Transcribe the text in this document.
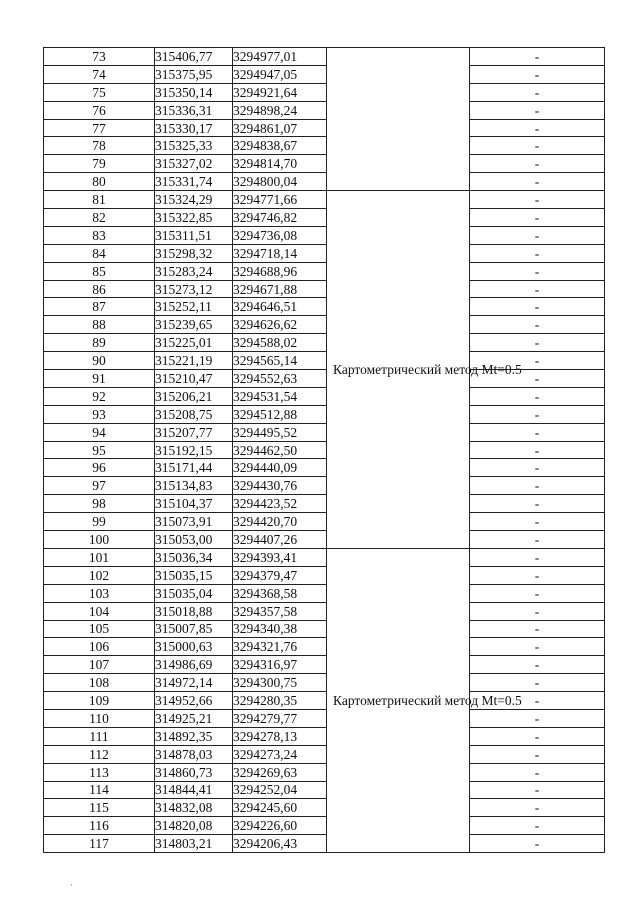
73	315406,77	3294977,01		-
74	315375,95	3294947,05		-
75	315350,14	3294921,64		-
76	315336,31	3294898,24		-
77	315330,17	3294861,07		-
78	315325,33	3294838,67		-
79	315327,02	3294814,70		-
80	315331,74	3294800,04		-
81	315324,29	3294771,66	Картометрический метод Mt=0.5	-
82	315322,85	3294746,82		-
83	315311,51	3294736,08		-
84	315298,32	3294718,14		-
85	315283,24	3294688,96		-
86	315273,12	3294671,88		-
87	315252,11	3294646,51		-
88	315239,65	3294626,62		-
89	315225,01	3294588,02		-
90	315221,19	3294565,14		-
91	315210,47	3294552,63		-
92	315206,21	3294531,54		-
93	315208,75	3294512,88		-
94	315207,77	3294495,52		-
95	315192,15	3294462,50		-
96	315171,44	3294440,09		-
97	315134,83	3294430,76		-
98	315104,37	3294423,52		-
99	315073,91	3294420,70		-
100	315053,00	3294407,26		-
101	315036,34	3294393,41	Картометрический метод Mt=0.5	-
102	315035,15	3294379,47		-
103	315035,04	3294368,58		-
104	315018,88	3294357,58		-
105	315007,85	3294340,38		-
106	315000,63	3294321,76		-
107	314986,69	3294316,97		-
108	314972,14	3294300,75		-
109	314952,66	3294280,35		-
110	314925,21	3294279,77		-
111	314892,35	3294278,13		-
112	314878,03	3294273,24		-
113	314860,73	3294269,63		-
114	314844,41	3294252,04		-
115	314832,08	3294245,60		-
116	314820,08	3294226,60		-
117	314803,21	3294206,43		-
·
